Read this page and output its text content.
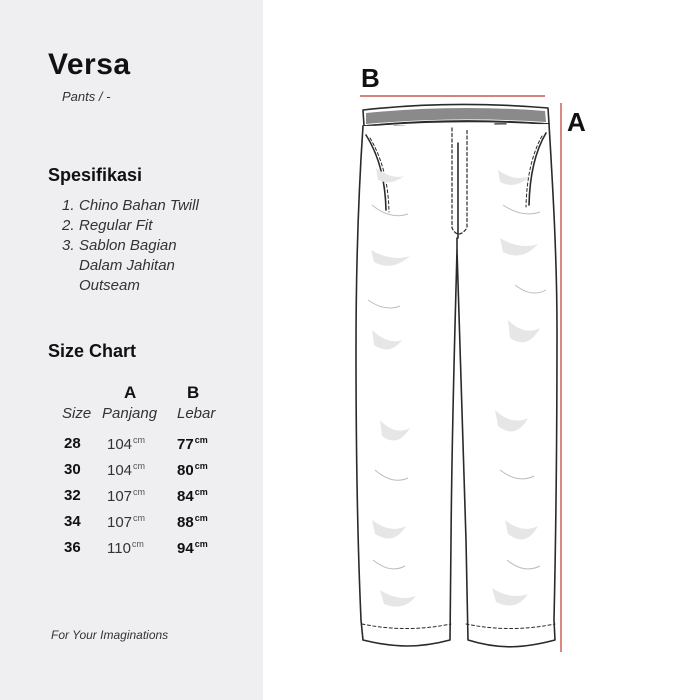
Versa
Pants / -
Spesifikasi
1. Chino Bahan Twill
2. Regular Fit
3. Sablon Bagian Dalam Jahitan Outseam
Size Chart
A	B
Size Panjang Lebar
28 $104^{cm}$ $77^{cm}$
30 $104^{cm}$ $80^{cm}$
32 $107^{cm}$ $84^{cm}$
34 $107^{cm}$ $88^{cm}$
36 $110^{cm}$ $94^{cm}$
For Your Imaginations
B
A
